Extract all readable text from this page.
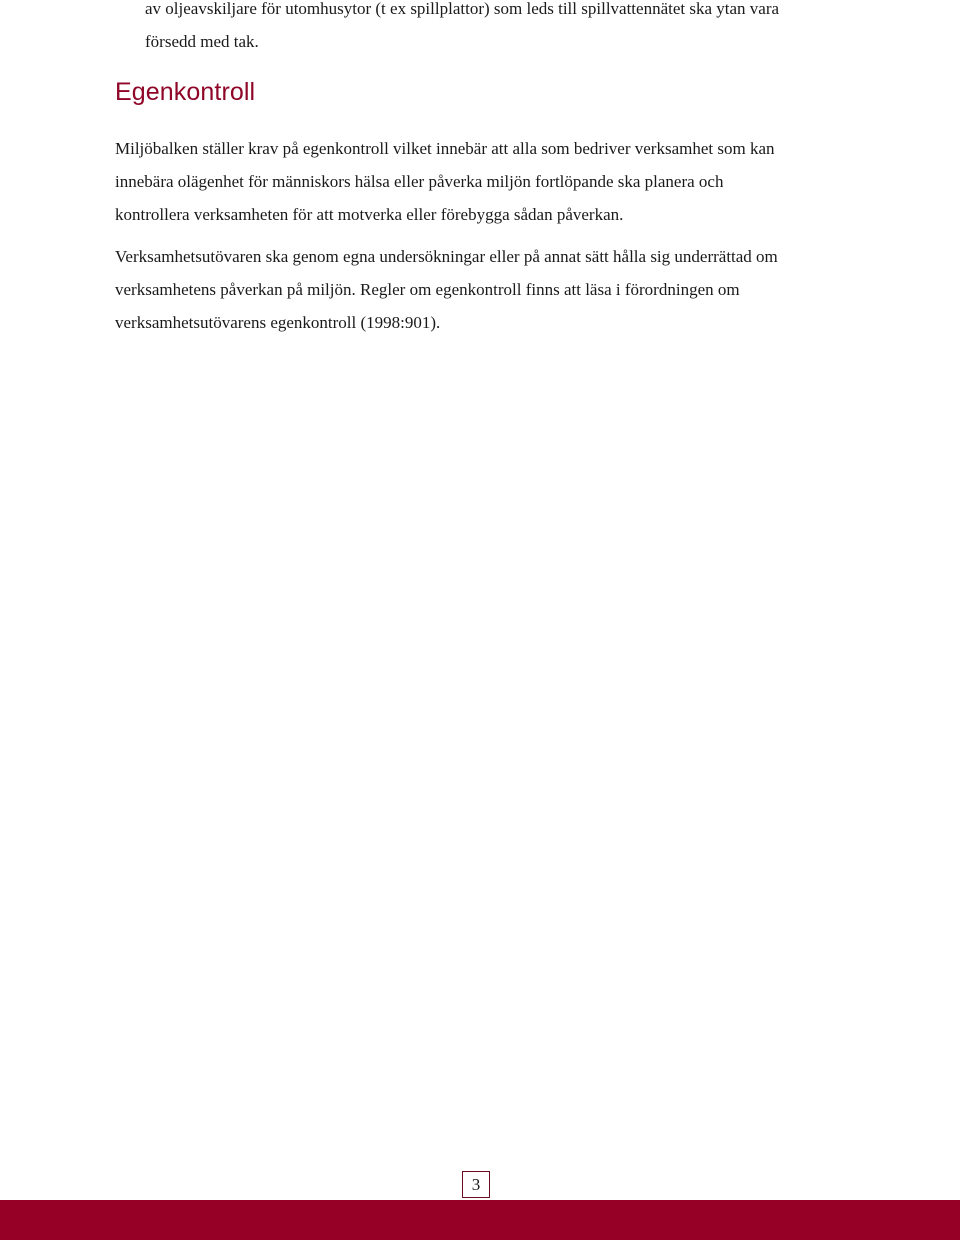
av oljeavskiljare för utomhusytor (t ex spillplattor) som leds till spillvattennätet ska ytan vara
försedd med tak.
Egenkontroll

Miljöbalken ställer krav på egenkontroll vilket innebär att alla som bedriver verksamhet som kan
innebära olägenhet för människors hälsa eller påverka miljön fortlöpande ska planera och
kontrollera verksamheten för att motverka eller förebygga sådan påverkan.

Verksamhetsutövaren ska genom egna undersökningar eller på annat sätt hålla sig underrättad om
verksamhetens påverkan på miljön. Regler om egenkontroll finns att läsa i förordningen om
verksamhetsutövarens egenkontroll (1998:901).

3
